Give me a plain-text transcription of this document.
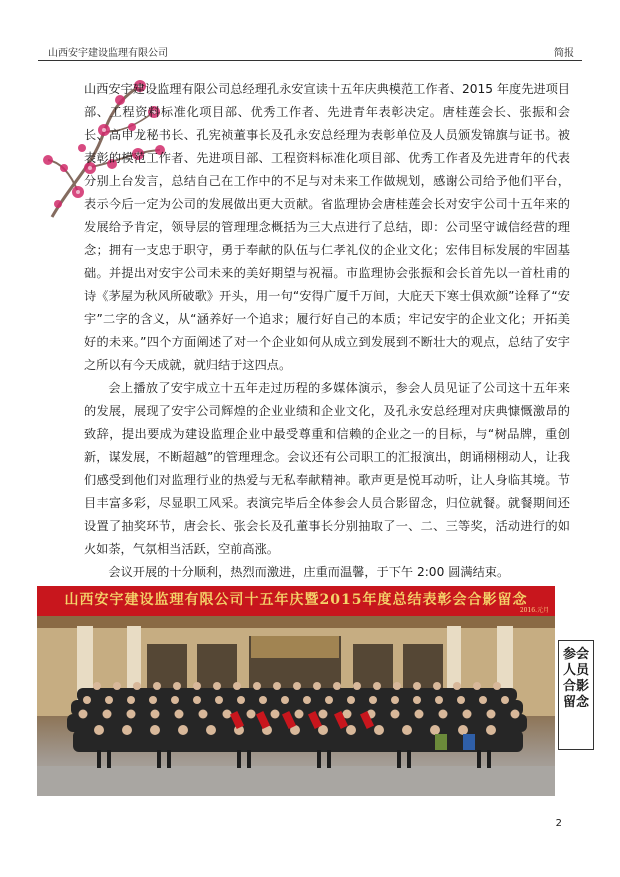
山西安宇建设监理有限公司	简报

山西安宇建设监理有限公司总经理孔永安宣读十五年庆典模范工作者、2015 年度先进项目部、工程资料标准化项目部、优秀工作者、先进青年表彰决定。唐桂莲会长、张振和会长、高申龙秘书长、孔宪祯董事长及孔永安总经理为表彰单位及人员颁发锦旗与证书。被表彰的模范工作者、先进项目部、工程资料标准化项目部、优秀工作者及先进青年的代表分别上台发言，总结自己在工作中的不足与对未来工作做规划，感谢公司给予他们平台，表示今后一定为公司的发展做出更大贡献。省监理协会唐桂莲会长对安宇公司十五年来的发展给予肯定，领导层的管理理念概括为三大点进行了总结，即：公司坚守诚信经营的理念；拥有一支忠于职守，勇于奉献的队伍与仁孝礼仪的企业文化；宏伟目标发展的牢固基础。并提出对安宇公司未来的美好期望与祝福。市监理协会张振和会长首先以一首杜甫的诗《茅屋为秋风所破歌》开头，用一句“安得广厦千万间，大庇天下寒士俱欢颜”诠释了“安宇”二字的含义，从“涵养好一个追求；履行好自己的本质；牢记安宇的企业文化；开拓美好的未来。”四个方面阐述了对一个企业如何从成立到发展到不断壮大的观点，总结了安宇之所以有今天成就，就归结于这四点。

会上播放了安宇成立十五年走过历程的多媒体演示，参会人员见证了公司这十五年来的发展，展现了安宇公司辉煌的企业业绩和企业文化，及孔永安总经理对庆典慷慨激昂的致辞，提出要成为建设监理企业中最受尊重和信赖的企业之一的目标，与“树品牌，重创新，谋发展，不断超越”的管理理念。会议还有公司职工的汇报演出，朗诵栩栩动人，让我们感受到他们对监理行业的热爱与无私奉献精神。歌声更是悦耳动听，让人身临其境。节目丰富多彩，尽显职工风采。表演完毕后全体参会人员合影留念，归位就餐。就餐期间还设置了抽奖环节，唐会长、张会长及孔董事长分别抽取了一、二、三等奖，活动进行的如火如荼，气氛相当活跃，空前高涨。

会议开展的十分顺利，热烈而激进，庄重而温馨，于下午 2:00 圆满结束。

山西安宇建设监理有限公司十五年庆暨2015年度总结表彰会合影留念
2016.元月
参会人员合影留念
2
